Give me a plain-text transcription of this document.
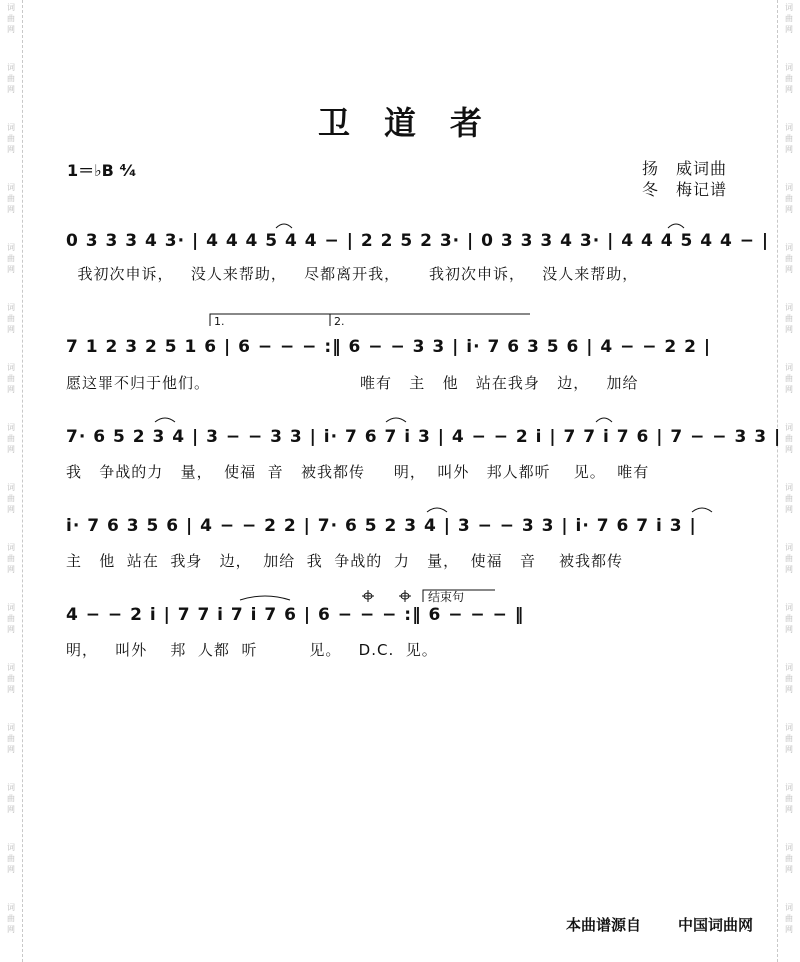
词
曲
网
词
曲
网
词
曲
网
词
曲
网
词
曲
网
词
曲
网
词
曲
网
词
曲
网
词
曲
网
词
曲
网
词
曲
网
词
曲
网
词
曲
网
词
曲
网
词
曲
网
词
曲
网
词
曲
网
词
曲
网
词
曲
网
词
曲
网
词
曲
网
词
曲
网
词
曲
网
词
曲
网
词
曲
网
词
曲
网
词
曲
网
词
曲
网
词
曲
网
词
曲
网
词
曲
网
词
曲
网
卫道者
1＝♭B ⁴⁄₄	扬　威词曲
冬　梅记谱
0 3 3 3 4 3· | 4 4 4 5 4 4 − | 2 2 5 2 3· | 0 3 3 3 4 3· | 4 4 4 5 4 4 − |
我初次申诉，   没人来帮助，   尽都离开我，     我初次申诉，   没人来帮助，
7 1 2 3 2 5 1 6 | 6 − − − :‖ 6 − − 3 3 | i· 7 6 3 5 6 | 4 − − 2 2 |
愿这罪不归于他们。                          唯有   主   他   站在我身   边，   加给
7· 6 5 2 3 4 | 3 − − 3 3 | i· 7 6 7 i 3 | 4 − − 2 i | 7 7 i 7 6 | 7 − − 3 3 |
我   争战的力   量，  使福  音   被我都传     明，  叫外   邦人都听    见。  唯有
i· 7 6 3 5 6 | 4 − − 2 2 | 7· 6 5 2 3 4 | 3 − − 3 3 | i· 7 6 7 i 3 |
主   他  站在  我身   边，  加给  我  争战的  力   量，  使福   音    被我都传
4 − − 2 i | 7 7 i 7 i 7 6 | 6 − − − :‖ 6 − − − ‖
明，   叫外    邦  人都  听         见。   D.C.  见。
1.	2.
结束句
本曲谱源自 中国词曲网
